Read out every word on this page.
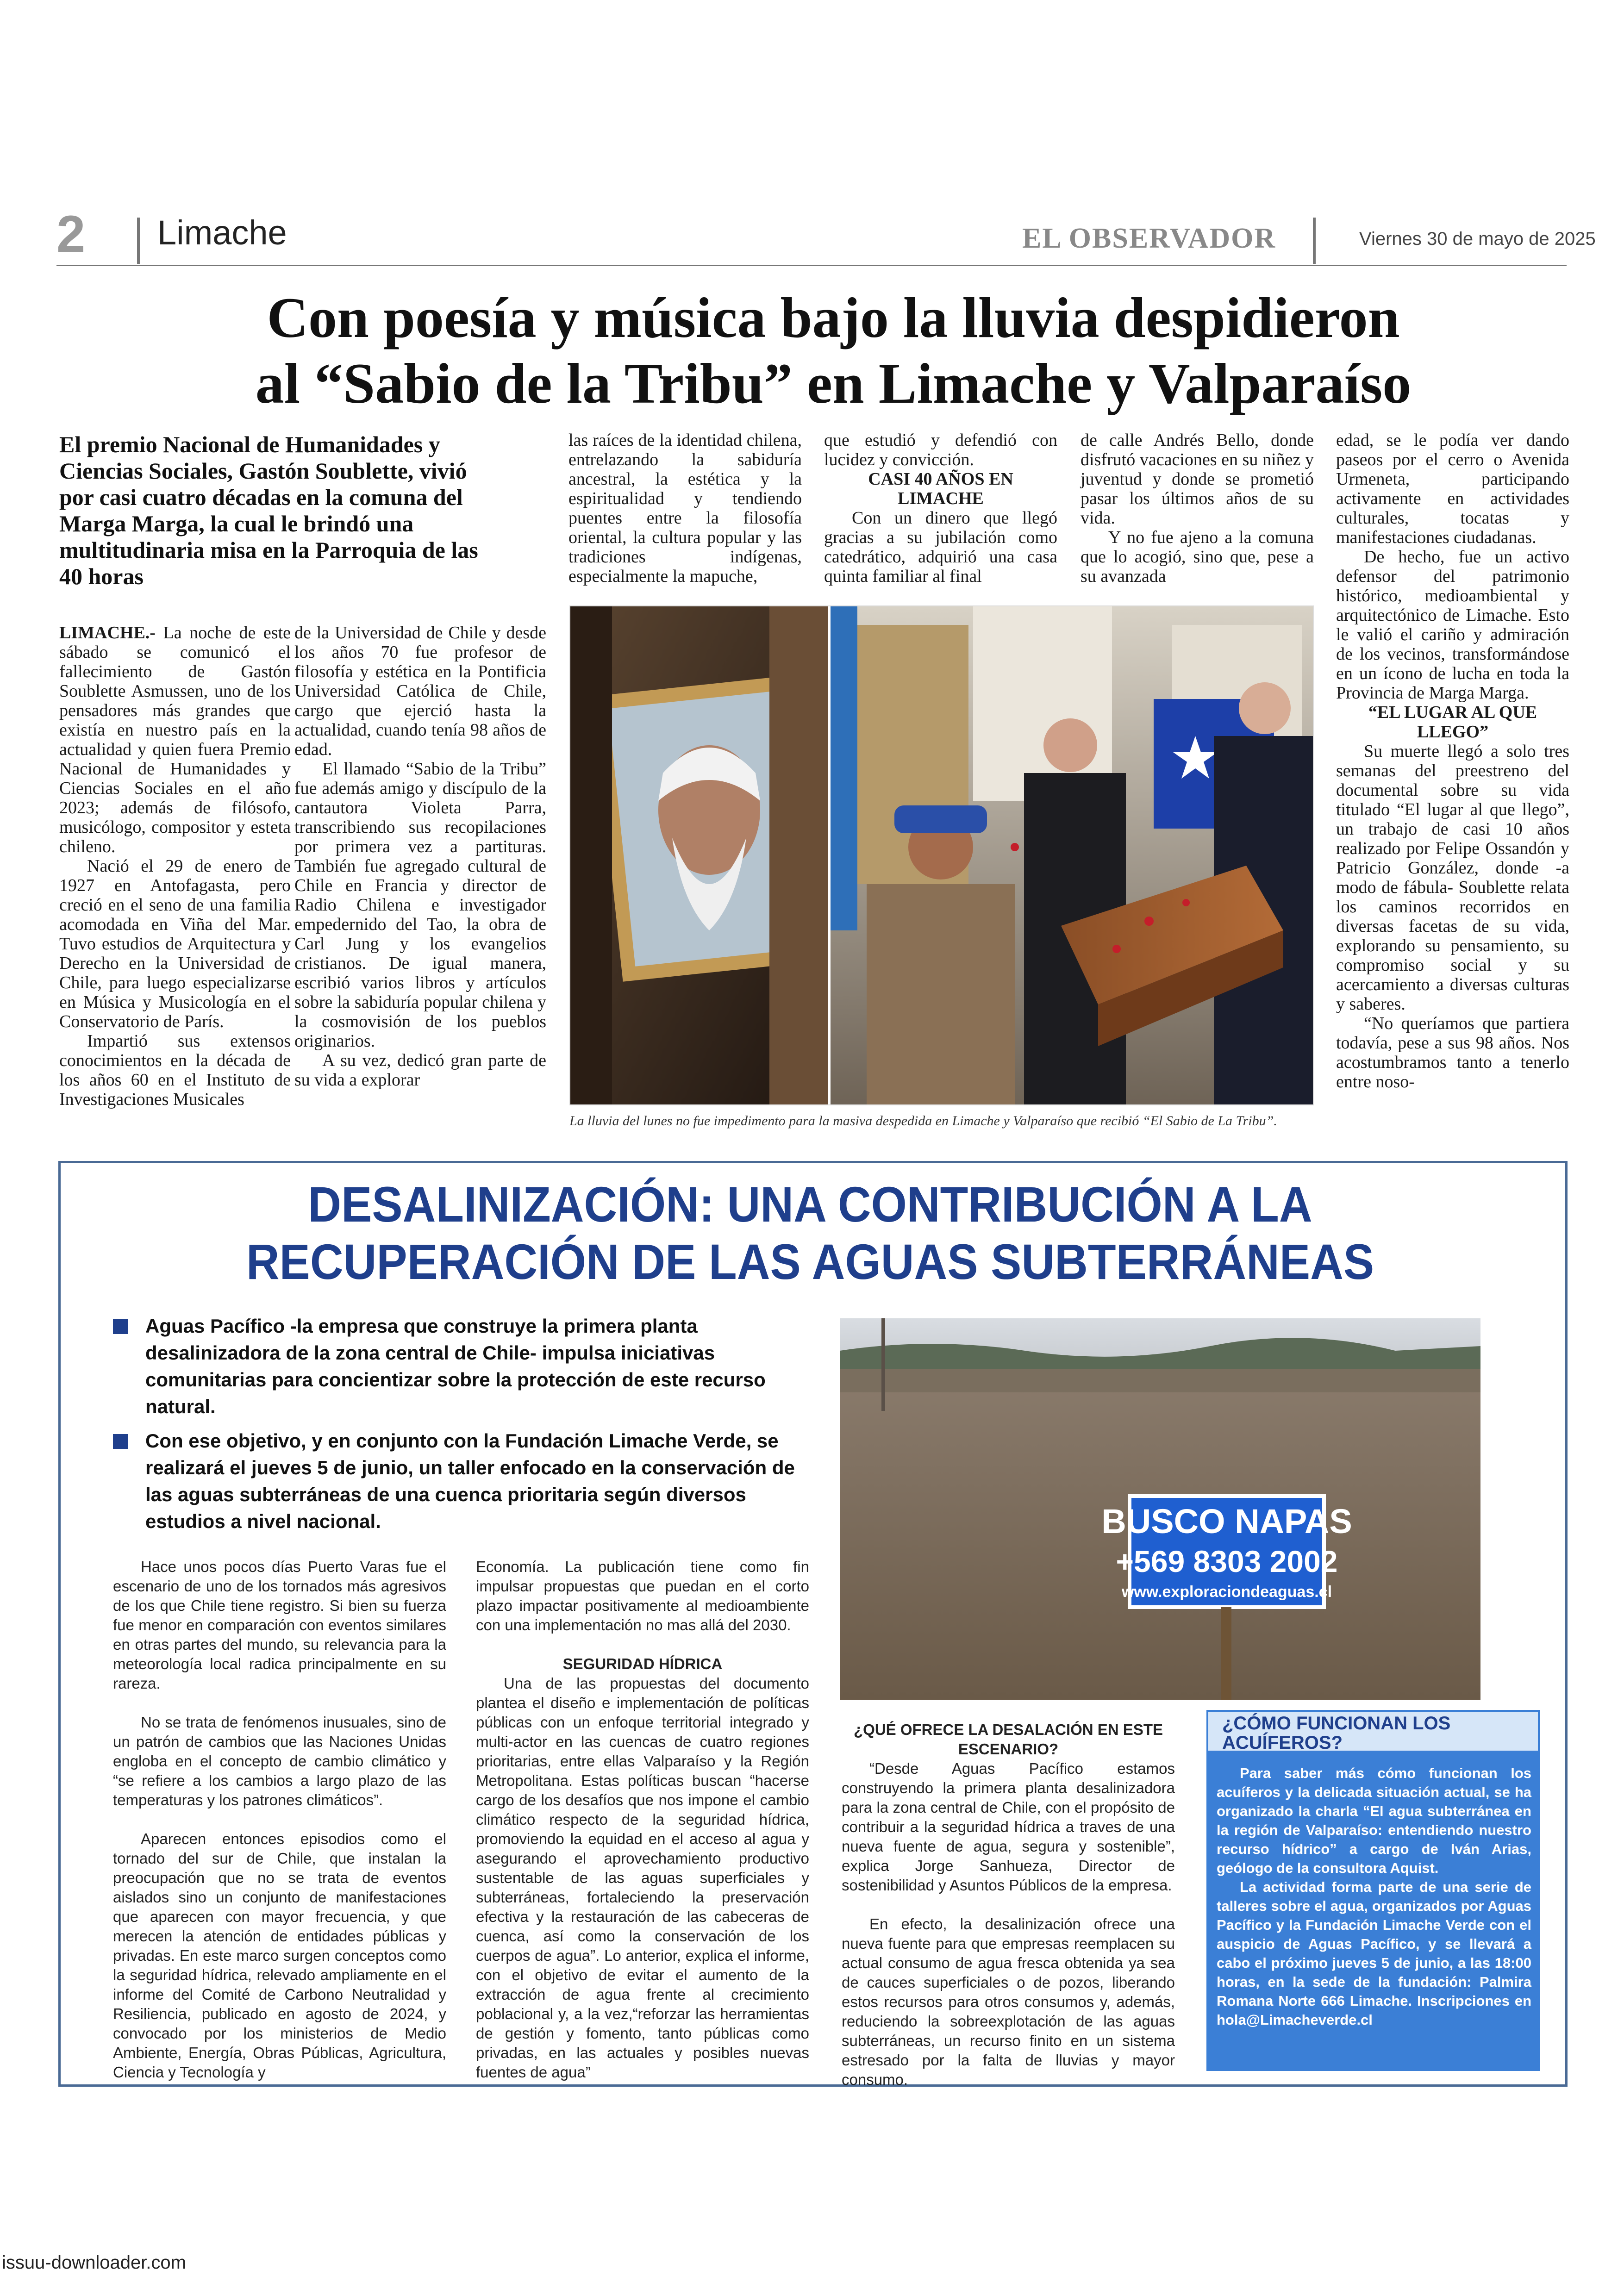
2 Limache	EL OBSERVADOR	Viernes 30 de mayo de 2025
Con poesía y música bajo la lluvia despidieron
al “Sabio de la Tribu” en Limache y Valparaíso
El premio Nacional de Humanidades y Ciencias Sociales, Gastón Soublette, vivió por casi cuatro décadas en la comuna del Marga Marga, la cual le brindó una multitudinaria misa en la Parroquia de las 40 horas

LIMACHE.- La noche de este sábado se comunicó el fallecimiento de Gastón Soublette Asmussen, uno de los pensadores más grandes que existía en nuestro país en la actualidad y quien fuera Premio Nacional de Humanidades y Ciencias Sociales en el año 2023; además de filósofo, musicólogo, compositor y esteta chileno.

Nació el 29 de enero de 1927 en Antofagasta, pero creció en el seno de una familia acomodada en Viña del Mar. Tuvo estudios de Arquitectura y Derecho en la Universidad de Chile, para luego especializarse en Música y Musicología en el Conservatorio de París.

Impartió sus extensos conocimientos en la década de los años 60 en el Instituto de Investigaciones Musicales

de la Universidad de Chile y desde los años 70 fue profesor de filosofía y estética en la Pontificia Universidad Católica de Chile, cargo que ejerció hasta la actualidad, cuando tenía 98 años de edad.

El llamado “Sabio de la Tribu” fue además amigo y discípulo de la cantautora Violeta Parra, transcribiendo sus recopilaciones por primera vez a partituras. También fue agregado cultural de Chile en Francia y director de Radio Chilena e investigador empedernido del Tao, la obra de Carl Jung y los evangelios cristianos. De igual manera, escribió varios libros y artículos sobre la sabiduría popular chilena y la cosmovisión de los pueblos originarios.

A su vez, dedicó gran parte de su vida a explorar

las raíces de la identidad chilena, entrelazando la sabiduría ancestral, la estética y la espiritualidad y tendiendo puentes entre la filosofía oriental, la cultura popular y las tradiciones indígenas, especialmente la mapuche,

que estudió y defendió con lucidez y convicción.

CASI 40 AÑOS EN LIMACHE

Con un dinero que llegó gracias a su jubilación como catedrático, adquirió una casa quinta familiar al final

de calle Andrés Bello, donde disfrutó vacaciones en su niñez y juventud y donde se prometió pasar los últimos años de su vida.

Y no fue ajeno a la comuna que lo acogió, sino que, pese a su avanzada

edad, se le podía ver dando paseos por el cerro o Avenida Urmeneta, participando activamente en actividades culturales, tocatas y manifestaciones ciudadanas.

De hecho, fue un activo defensor del patrimonio histórico, medioambiental y arquitectónico de Limache. Esto le valió el cariño y admiración de los vecinos, transformándose en un ícono de lucha en toda la Provincia de Marga Marga.

“EL LUGAR AL QUE LLEGO”

Su muerte llegó a solo tres semanas del preestreno del documental sobre su vida titulado “El lugar al que llego”, un trabajo de casi 10 años realizado por Felipe Ossandón y Patricio González, donde -a modo de fábula- Soublette relata los caminos recorridos en diversas facetas de su vida, explorando su pensamiento, su compromiso social y su acercamiento a diversas culturas y saberes.

“No queríamos que partiera todavía, pese a sus 98 años. Nos acostumbramos tanto a tenerlo entre noso-

La lluvia del lunes no fue impedimento para la masiva despedida en Limache y Valparaíso que recibió “El Sabio de La Tribu”.
DESALINIZACIÓN: UNA CONTRIBUCIÓN A LA
RECUPERACIÓN DE LAS AGUAS SUBTERRÁNEAS
Aguas Pacífico -la empresa que construye la primera planta desalinizadora de la zona central de Chile- impulsa iniciativas comunitarias para concientizar sobre la protección de este recurso natural.
Con ese objetivo, y en conjunto con la Fundación Limache Verde, se realizará el jueves 5 de junio, un taller enfocado en la conservación de las aguas subterráneas de una cuenca prioritaria según diversos estudios a nivel nacional.	BUSCO NAPAS
+569 8303 2002
www.exploraciondeaguas.cl

Hace unos pocos días Puerto Varas fue el escenario de uno de los tornados más agresivos de los que Chile tiene registro. Si bien su fuerza fue menor en comparación con eventos similares en otras partes del mundo, su relevancia para la meteorología local radica principalmente en su rareza.

No se trata de fenómenos inusuales, sino de un patrón de cambios que las Naciones Unidas engloba en el concepto de cambio climático y “se refiere a los cambios a largo plazo de las temperaturas y los patrones climáticos”.

Aparecen entonces episodios como el tornado del sur de Chile, que instalan la preocupación que no se trata de eventos aislados sino un conjunto de manifestaciones que aparecen con mayor frecuencia, y que merecen la atención de entidades públicas y privadas. En este marco surgen conceptos como la seguridad hídrica, relevado ampliamente en el informe del Comité de Carbono Neutralidad y Resiliencia, publicado en agosto de 2024, y convocado por los ministerios de Medio Ambiente, Energía, Obras Públicas, Agricultura, Ciencia y Tecnología y

Economía. La publicación tiene como fin impulsar propuestas que puedan en el corto plazo impactar positivamente al medioambiente con una implementación no mas allá del 2030.

SEGURIDAD HÍDRICA

Una de las propuestas del documento plantea el diseño e implementación de políticas públicas con un enfoque territorial integrado y multi-actor en las cuencas de cuatro regiones prioritarias, entre ellas Valparaíso y la Región Metropolitana. Estas políticas buscan “hacerse cargo de los desafíos que nos impone el cambio climático respecto de la seguridad hídrica, promoviendo la equidad en el acceso al agua y asegurando el aprovechamiento productivo sustentable de las aguas superficiales y subterráneas, fortaleciendo la preservación efectiva y la restauración de las cabeceras de cuenca, así como la conservación de los cuerpos de agua”. Lo anterior, explica el informe, con el objetivo de evitar el aumento de la extracción de agua frente al crecimiento poblacional y, a la vez,“reforzar las herramientas de gestión y fomento, tanto públicas como privadas, en las actuales y posibles nuevas fuentes de agua”

¿QUÉ OFRECE LA DESALACIÓN EN ESTE ESCENARIO?

“Desde Aguas Pacífico estamos construyendo la primera planta desalinizadora para la zona central de Chile, con el propósito de contribuir a la seguridad hídrica a traves de una nueva fuente de agua, segura y sostenible”, explica Jorge Sanhueza, Director de sostenibilidad y Asuntos Públicos de la empresa.

En efecto, la desalinización ofrece una nueva fuente para que empresas reemplacen su actual consumo de agua fresca obtenida ya sea de cauces superficiales o de pozos, liberando estos recursos para otros consumos y, además, reduciendo la sobreexplotación de las aguas subterráneas, un recurso finito en un sistema estresado por la falta de lluvias y mayor consumo.

¿CÓMO FUNCIONAN LOS ACUÍFEROS?

Para saber más cómo funcionan los acuíferos y la delicada situación actual, se ha organizado la charla “El agua subterránea en la región de Valparaíso: entendiendo nuestro recurso hídrico” a cargo de Iván Arias, geólogo de la consultora Aquist.

La actividad forma parte de una serie de talleres sobre el agua, organizados por Aguas Pacífico y la Fundación Limache Verde con el auspicio de Aguas Pacífico, y se llevará a cabo el próximo jueves 5 de junio, a las 18:00 horas, en la sede de la fundación: Palmira Romana Norte 666 Limache. Inscripciones en hola@Limacheverde.cl

issuu-downloader.com
